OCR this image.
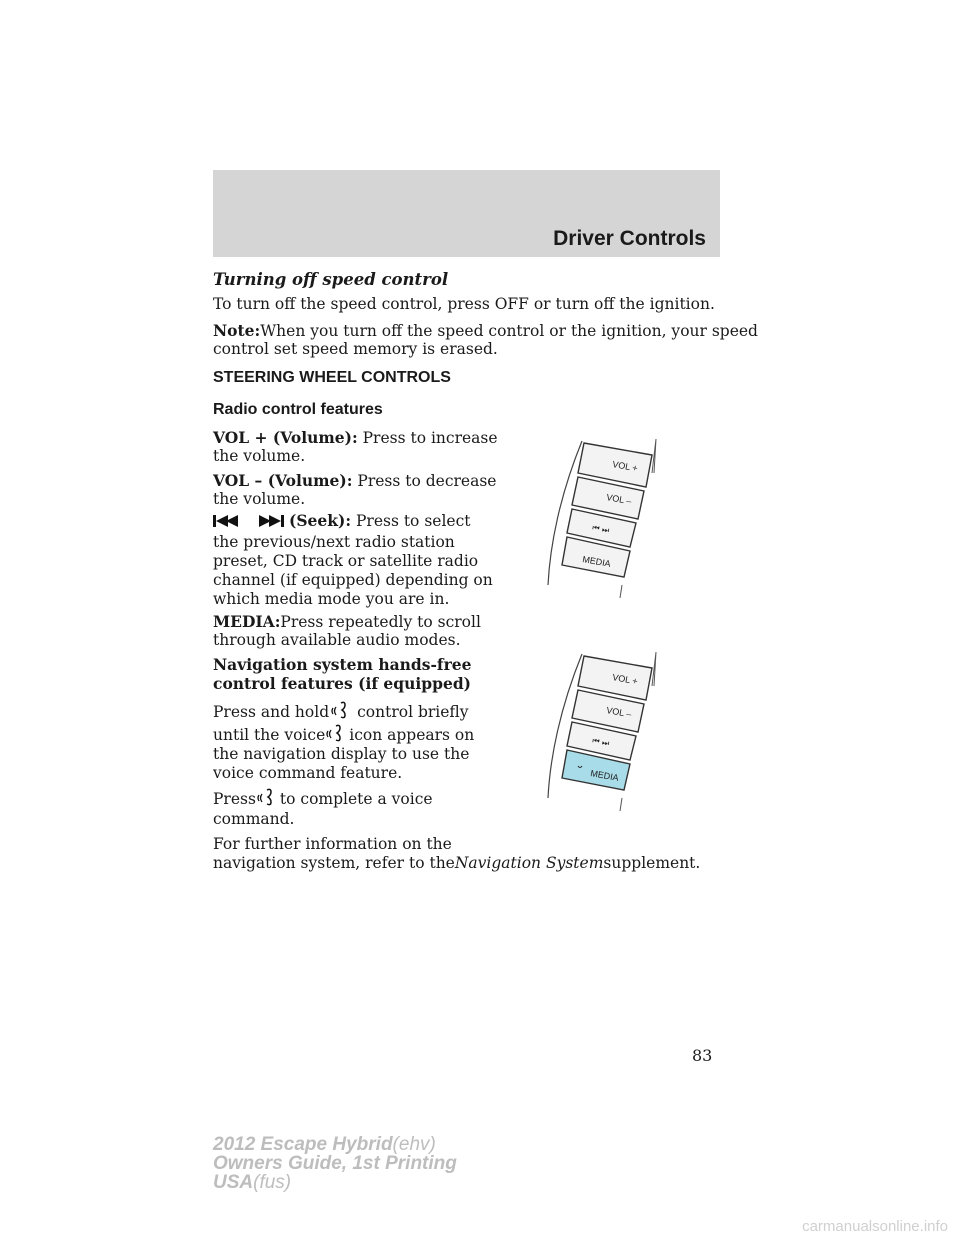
Driver Controls
Turning off speed control
To turn off the speed control, press OFF or turn off the ignition.
Note:When you turn off the speed control or the ignition, your speed
control set speed memory is erased.
STEERING WHEEL CONTROLS
Radio control features
VOL + (Volume): Press to increase
the volume.
VOL – (Volume): Press to decrease
the volume.
(Seek): Press to select
the previous/next radio station
preset, CD track or satellite radio
channel (if equipped) depending on
which media mode you are in.
MEDIA:Press repeatedly to scroll
through available audio modes.
Navigation system hands-free
control features (if equipped)
Press and hold control briefly
until the voice icon appears on
the navigation display to use the
voice command feature.
Press to complete a voice
command.
For further information on the
navigation system, refer to theNavigation Systemsupplement.
VOL +
VOL –
⏮ ⏭
MEDIA
VOL +
VOL –
⏮ ⏭
MEDIA
83
2012 Escape Hybrid(ehv)
Owners Guide, 1st Printing
USA(fus)
carmanualsonline.info
